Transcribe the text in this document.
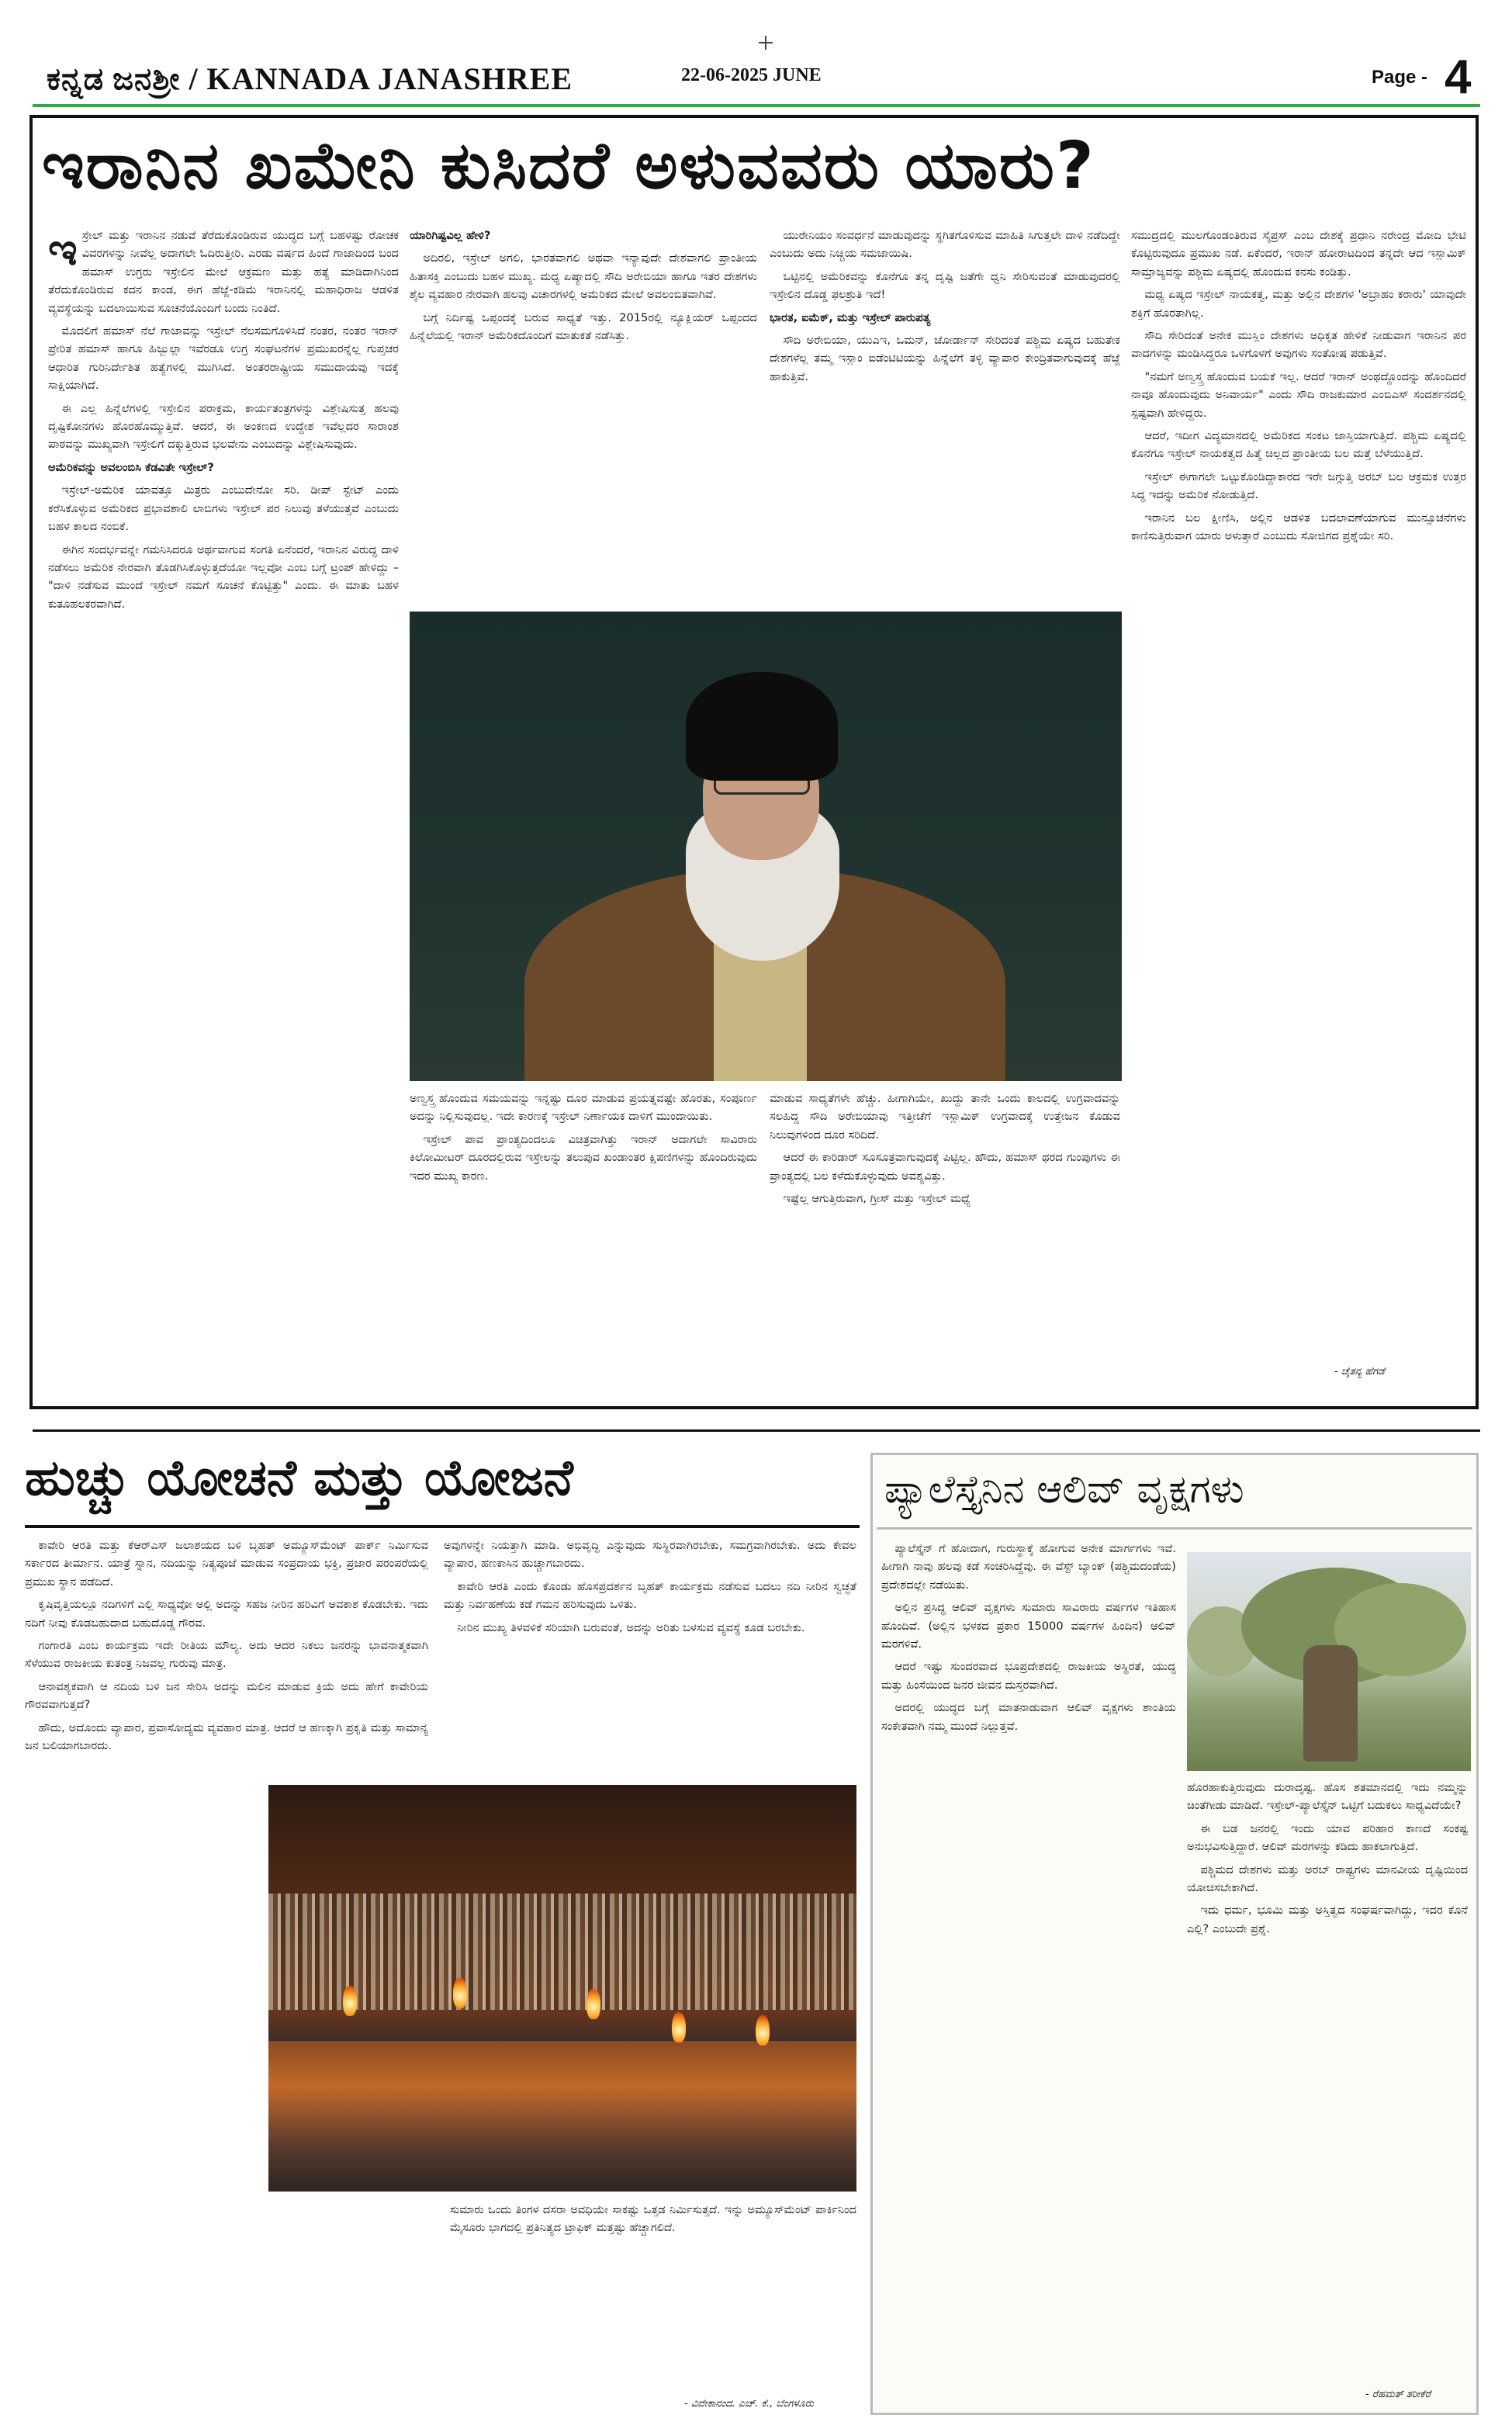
ಕನ್ನಡ ಜನಶ್ರೀ / KANNADA JANASHREE	22-06-2025 JUNE	Page - 4
ಇರಾನಿನ ಖಮೇನಿ ಕುಸಿದರೆ ಅಳುವವರು ಯಾರು?
ಇ ಸ್ರೇಲ್ ಮತ್ತು ಇರಾನಿನ ನಡುವೆ ತೆರೆದುಕೊಂಡಿರುವ ಯುದ್ಧದ ಬಗ್ಗೆ ಬಹಳಷ್ಟು ರೋಚಕ ವಿವರಗಳನ್ನು ನೀವೆಲ್ಲ ಅದಾಗಲೇ ಓದಿರುತ್ತೀರಿ. ಎರಡು ವರ್ಷದ ಹಿಂದೆ ಗಾಜಾದಿಂದ ಬಂದ ಹಮಾಸ್ ಉಗ್ರರು ಇಸ್ರೇಲಿನ ಮೇಲೆ ಆಕ್ರಮಣ ಮತ್ತು ಹತ್ಯೆ ಮಾಡಿದಾಗಿನಿಂದ ತೆರೆದುಕೊಂಡಿರುವ ಕದನ ಕಾಂಡ, ಈಗ ಹೆಜ್ಜೆ-ಕಡಿಮೆ ಇರಾನಿನಲ್ಲಿ ಮಹಾಧಿರಾಜ ಆಡಳಿತ ವ್ಯವಸ್ಥೆಯನ್ನು ಬದಲಾಯಿಸುವ ಸೂಚನೆಯೊಂದಿಗೆ ಬಂದು ನಿಂತಿದೆ.

ಮೊದಲಿಗೆ ಹಮಾಸ್ ನೆಲೆ ಗಾಜಾವನ್ನು ಇಸ್ರೇಲ್ ನೆಲಸಮಗೊಳಿಸಿದೆ ನಂತರ, ನಂತರ ಇರಾನ್ ಪ್ರೇರಿತ ಹಮಾಸ್ ಹಾಗೂ ಹಿಜ್ಬುಲ್ಲಾ ಇವೆರಡೂ ಉಗ್ರ ಸಂಘಟನೆಗಳ ಪ್ರಮುಖರನ್ನೆಲ್ಲ ಗುಪ್ತಚರ ಆಧಾರಿತ ಗುರಿನಿರ್ದೇಶಿತ ಹತ್ಯೆಗಳಲ್ಲಿ ಮುಗಿಸಿದೆ. ಅಂತರರಾಷ್ಟ್ರೀಯ ಸಮುದಾಯವು ಇದಕ್ಕೆ ಸಾಕ್ಷಿಯಾಗಿದೆ.

ಈ ಎಲ್ಲ ಹಿನ್ನೆಲೆಗಳಲ್ಲಿ ಇಸ್ರೇಲಿನ ಪರಾಕ್ರಮ, ಕಾರ್ಯತಂತ್ರಗಳನ್ನು ವಿಶ್ಲೇಷಿಸುತ್ತ ಹಲವು ದೃಷ್ಟಿಕೋನಗಳು ಹೊರಹೊಮ್ಮುತ್ತಿವೆ. ಆದರೆ, ಈ ಅಂಕಣದ ಉದ್ದೇಶ ಇವೆಲ್ಲದರ ಸಾರಾಂಶ ಪಾಠವನ್ನು ಮುಖ್ಯವಾಗಿ ಇಸ್ರೇಲಿಗೆ ದಕ್ಕುತ್ತಿರುವ ಭಲವೇನು ಎಂಬುದನ್ನು ವಿಶ್ಲೇಷಿಸುವುದು.

ಅಮೆರಿಕವನ್ನು ಅವಲಂಬಿಸಿ ಕೆಡವಿತೇ ಇಸ್ರೇಲ್?

ಇಸ್ರೇಲ್-ಅಮೆರಿಕ ಯಾವತ್ತೂ ಮಿತ್ರರು ಎಂಬುದೇನೋ ಸರಿ. ಡೀಪ್ ಸ್ಟೇಟ್ ಎಂದು ಕರೆಸಿಕೊಳ್ಳುವ ಅಮೆರಿಕದ ಪ್ರಭಾವಶಾಲಿ ಲಾಬಿಗಳು ಇಸ್ರೇಲ್ ಪರ ನಿಲುವು ತಳೆಯುತ್ತವೆ ಎಂಬುದು ಬಹಳ ಕಾಲದ ನಂಬಿಕೆ.

ಈಗಿನ ಸಂದರ್ಭವನ್ನೇ ಗಮನಿಸಿದರೂ ಅರ್ಥವಾಗುವ ಸಂಗತಿ ಏನೆಂದರೆ, ಇರಾನಿನ ವಿರುದ್ಧ ದಾಳಿ ನಡೆಸಲು ಅಮೆರಿಕ ನೇರವಾಗಿ ತೊಡಗಿಸಿಕೊಳ್ಳುತ್ತದೆಯೋ ಇಲ್ಲವೋ ಎಂಬ ಬಗ್ಗೆ ಟ್ರಂಪ್ ಹೇಳಿದ್ದು – "ದಾಳಿ ನಡೆಸುವ ಮುಂದೆ ಇಸ್ರೇಲ್ ನಮಗೆ ಸೂಚನೆ ಕೊಟ್ಟಿತ್ತು" ಎಂದು. ಈ ಮಾತು ಬಹಳ ಕುತೂಹಲಕರವಾಗಿದೆ.

ಯಾರಿಗಿಷ್ಟವಿಲ್ಲ ಹೇಳಿ?

ಅದಿರಲಿ, ಇಸ್ರೇಲ್ ಅಗಲಿ, ಭಾರತವಾಗಲಿ ಅಥವಾ ಇನ್ಯಾವುದೇ ದೇಶವಾಗಲಿ ಪ್ರಾಂತೀಯ ಹಿತಾಸಕ್ತಿ ಎಂಬುದು ಬಹಳ ಮುಖ್ಯ. ಮಧ್ಯ ಏಷ್ಯಾದಲ್ಲಿ ಸೌದಿ ಅರೇಬಿಯಾ ಹಾಗೂ ಇತರ ದೇಶಗಳು ಶೈಲ ವ್ಯವಹಾರ ನೇರವಾಗಿ ಹಲವು ವಿಚಾರಗಳಲ್ಲಿ ಅಮೆರಿಕದ ಮೇಲೆ ಅವಲಂಬಿತವಾಗಿವೆ.

ಬಗ್ಗೆ ನಿರ್ದಿಷ್ಟ ಒಪ್ಪಂದಕ್ಕೆ ಬರುವ ಸಾಧ್ಯತೆ ಇತ್ತು. 2015ರಲ್ಲಿ ನ್ಯೂಕ್ಲಿಯರ್ ಒಪ್ಪಂದದ ಹಿನ್ನೆಲೆಯಲ್ಲಿ ಇರಾನ್ ಅಮೆರಿಕದೊಂದಿಗೆ ಮಾತುಕತೆ ನಡೆಸಿತ್ತು.

ಯುರೇನಿಯಂ ಸಂವರ್ಧನೆ ಮಾಡುವುದನ್ನು ಸ್ಥಗಿತಗೊಳಿಸುವ ಮಾಹಿತಿ ಸಿಗುತ್ತಲೇ ದಾಳಿ ನಡೆದಿದ್ದೇ ಎಂಬುದು ಅದು ನಿಚ್ಚಿಯ ಸಮಜಾಯಿಷಿ.

ಒಟ್ಟಿನಲ್ಲಿ ಅಮೆರಿಕವನ್ನು ಕೊನೆಗೂ ತನ್ನ ದೃಷ್ಟಿ ಜತೆಗೇ ಧ್ವನಿ ಸೇರಿಸುವಂತೆ ಮಾಡುವುದರಲ್ಲಿ ಇಸ್ರೇಲಿನ ದೊಡ್ಡ ಫಲಶ್ರುತಿ ಇದೆ!

ಭಾರತ, ಐಮೆಕ್, ಮತ್ತು ಇಸ್ರೇಲ್ ಪಾರುಪತ್ಯ

ಸೌದಿ ಅರೇಬಿಯಾ, ಯುಎಇ, ಒಮನ್, ಜೋರ್ಡಾನ್ ಸೇರಿದಂತೆ ಪಶ್ಚಿಮ ಏಷ್ಯದ ಬಹುತೇಕ ದೇಶಗಳೆಲ್ಲ ತಮ್ಮ ಇಸ್ಲಾಂ ಐಡೆಂಟಿಟಿಯನ್ನು ಹಿನ್ನೆಲೆಗೆ ತಳ್ಳಿ ವ್ಯಾಪಾರ ಕೇಂದ್ರಿತವಾಗುವುದಕ್ಕೆ ಹೆಜ್ಜೆ ಹಾಕುತ್ತಿವೆ.

ಅಣ್ವಸ್ತ್ರ ಹೊಂದುವ ಸಮಯವನ್ನು ಇನ್ನಷ್ಟು ದೂರ ಮಾಡುವ ಪ್ರಯತ್ನವಷ್ಟೇ ಹೊರತು, ಸಂಪೂರ್ಣ ಅದನ್ನು ನಿಲ್ಲಿಸುವುದಲ್ಲ. ಇದೇ ಕಾರಣಕ್ಕೆ ಇಸ್ರೇಲ್ ನಿರ್ಣಾಯಕ ದಾಳಿಗೆ ಮುಂದಾಯಿತು.

ಇಸ್ರೇಲ್ ಪಾವ ಪ್ರಾಂತ್ಯದಿಂದಲೂ ವಿಚಿತ್ರವಾಗಿತ್ತು ಇರಾನ್ ಅದಾಗಲೇ ಸಾವಿರಾರು ಕಿಲೋಮೀಟರ್ ದೂರದಲ್ಲಿರುವ ಇಸ್ರೇಲನ್ನು ತಲುಪುವ ಖಂಡಾಂತರ ಕ್ಷಿಪಣಿಗಳನ್ನು ಹೊಂದಿರುವುದು ಇದರ ಮುಖ್ಯ ಕಾರಣ.

ಮಾಡುವ ಸಾಧ್ಯತೆಗಳೇ ಹೆಚ್ಚು. ಹೀಗಾಗಿಯೇ, ಖುದ್ದು ತಾನೇ ಒಂದು ಕಾಲದಲ್ಲಿ ಉಗ್ರವಾದವನ್ನು ಸಲಹಿದ್ದ ಸೌದಿ ಅರೇಬಿಯಾವು ಇತ್ತೀಚೆಗೆ ಇಸ್ಲಾಮಿಕ್ ಉಗ್ರವಾದಕ್ಕೆ ಉತ್ತೇಜನ ಕೊಡುವ ನಿಲುವುಗಳಿಂದ ದೂರ ಸರಿದಿದೆ.

ಆದರೆ ಈ ಕಾರಿಡಾರ್ ಸೂಸೂತ್ರವಾಗುವುದಕ್ಕೆ ಪಿಟ್ಟಿಲ್ಲ. ಹೌದು, ಹಮಾಸ್ ಥರದ ಗುಂಪುಗಳು ಈ ಪ್ರಾಂತ್ಯದಲ್ಲಿ ಬಲ ಕಳೆದುಕೊಳ್ಳುವುದು ಅವಶ್ಯವಿತ್ತು.

ಇಷ್ಟೆಲ್ಲ ಆಗುತ್ತಿರುವಾಗ, ಗ್ರೀಸ್ ಮತ್ತು ಇಸ್ರೇಲ್ ಮಧ್ಯೆ

ಸಮುದ್ರದಲ್ಲಿ ಮುಲಗೊಂಡಂತಿರುವ ಸೈಪ್ರಸ್ ಎಂಬ ದೇಶಕ್ಕೆ ಪ್ರಧಾನಿ ನರೇಂದ್ರ ಮೋದಿ ಭೇಟಿ ಕೊಟ್ಟಿರುವುದೂ ಪ್ರಮುಖ ನಡೆ. ಏಕೆಂದರೆ, ಇರಾನ್ ಹೋರಾಟದಿಂದ ತನ್ನದೇ ಆದ ಇಸ್ಲಾಮಿಕ್ ಸಾಮ್ರಾಜ್ಯವನ್ನು ಪಶ್ಚಿಮ ಏಷ್ಯದಲ್ಲಿ ಹೊಂದುವ ಕನಸು ಕಂಡಿತ್ತು.

ಮಧ್ಯ ಏಷ್ಯದ ಇಸ್ರೇಲ್ ನಾಯಕತ್ವ, ಮತ್ತು ಅಲ್ಲಿನ ದೇಶಗಳ 'ಅಬ್ರಾಹಂ ಕರಾರು' ಯಾವುದೇ ಶಕ್ತಿಗೆ ಹೊರತಾಗಿಲ್ಲ.

ಸೌದಿ ಸೇರಿದಂತೆ ಅನೇಕ ಮುಸ್ಲಿಂ ದೇಶಗಳು ಅಧಿಕೃತ ಹೇಳಿಕೆ ನೀಡುವಾಗ ಇರಾನಿನ ಪರ ವಾದಗಳನ್ನು ಮಂಡಿಸಿದ್ದರೂ ಒಳಗೊಳಗೆ ಅವುಗಳು ಸಂತೋಷ ಪಡುತ್ತಿವೆ.

"ನಮಗೆ ಅಣ್ವಸ್ತ್ರ ಹೊಂದುವ ಬಯಕೆ ಇಲ್ಲ. ಆದರೆ ಇರಾನ್ ಅಂಥದ್ದೊಂದನ್ನು ಹೊಂದಿದರೆ ನಾವೂ ಹೊಂದುವುದು ಅನಿವಾರ್ಯ" ಎಂದು ಸೌದಿ ರಾಜಕುಮಾರ ಎಂಬಿಎಸ್ ಸಂದರ್ಶನದಲ್ಲಿ ಸ್ಪಷ್ಟವಾಗಿ ಹೇಳಿದ್ದರು.

ಆದರೆ, ಇದೀಗ ವಿದ್ಯಮಾನದಲ್ಲಿ ಅಮೆರಿಕದ ಸಂಕಟ ಜಾಸ್ತಿಯಾಗುತ್ತಿದೆ. ಪಶ್ಚಿಮ ಏಷ್ಯದಲ್ಲಿ ಕೊನೆಗೂ ಇಸ್ರೇಲ್ ನಾಯಕತ್ವದ ಹಿತ್ಮೆ ಚಿಲ್ಲದ ಪ್ರಾಂತೀಯ ಬಲ ಮತ್ತೆ ಬೆಳೆಯುತ್ತಿದೆ.

ಇಸ್ರೇಲ್ ಈಗಾಗಲೇ ಒಟ್ಟುಕೊಂಡಿದ್ದಾಕಾರದ ಇರೇ ಜಗ್ಗುತ್ತಿ ಅರಬ್ ಬಲ ಆಕ್ರಮಕ ಉತ್ತರ ಸಿದ್ಧ ಇದನ್ನು ಅಮೆರಿಕ ನೋಡುತ್ತಿದೆ.

ಇರಾನಿನ ಬಲ ಕ್ಷೀಣಿಸಿ, ಅಲ್ಲಿನ ಆಡಳಿತ ಬದಲಾವಣೆಯಾಗುವ ಮುನ್ಸೂಚನೆಗಳು ಕಾಣಿಸುತ್ತಿರುವಾಗ ಯಾರು ಅಳುತ್ತಾರೆ ಎಂಬುದು ಸೋಜಿಗದ ಪ್ರಶ್ನೆಯೇ ಸರಿ.

- ಚೈತನ್ಯ ಹೆಗಡೆ
ಹುಚ್ಚು ಯೋಚನೆ ಮತ್ತು ಯೋಜನೆ

ಕಾವೇರಿ ಆರತಿ ಮತ್ತು ಕೆಆರ್‌ಎಸ್ ಜಲಾಶಯದ ಬಳಿ ಬೃಹತ್ ಅಮ್ಯೂಸ್‌ಮೆಂಟ್ ಪಾರ್ಕ್ ನಿರ್ಮಿಸುವ ಸರ್ಕಾರದ ತೀರ್ಮಾನ. ಯಾತ್ರೆ ಸ್ನಾನ, ನದಿಯನ್ನು ನಿತ್ಯಪೂಜೆ ಮಾಡುವ ಸಂಪ್ರದಾಯ ಭಕ್ತಿ, ಪ್ರಜಾರ ಪರಂಪರೆಯಲ್ಲಿ ಪ್ರಮುಖ ಸ್ಥಾನ ಪಡೆದಿದೆ.

ಕೃಷಿವೃತ್ತಿಯಲ್ಲೂ ನದಿಗಳಿಗೆ ಎಲ್ಲಿ ಸಾಧ್ಯವೋ ಅಲ್ಲಿ ಅದನ್ನು ಸಹಜ ನೀರಿನ ಹರಿವಿಗೆ ಅವಕಾಶ ಕೊಡಬೇಕು. ಇದು ನದಿಗೆ ನೀವು ಕೊಡಬಹುದಾದ ಬಹುದೊಡ್ಡ ಗೌರವ.

ಗಂಗಾರತಿ ಎಂಬ ಕಾರ್ಯಕ್ರಮ ಇದೇ ರೀತಿಯ ಮೌಲ್ಯ. ಅದು ಆದರ ನಿಕಲು ಜನರನ್ನು ಭಾವನಾತ್ಮಕವಾಗಿ ಸೆಳೆಯುವ ರಾಜಕೀಯ ಕುತಂತ್ರ ನಿಜವಲ್ಲ ಗುರುವು ಮಾತ್ರ.

ಆನಾವಶ್ಯಕವಾಗಿ ಆ ನದಿಯ ಬಳಿ ಜನ ಸೇರಿಸಿ ಅದನ್ನು ಮಲಿನ ಮಾಡುವ ಕ್ರಿಯೆ ಅದು ಹೇಗೆ ಕಾವೇರಿಯ ಗೌರವವಾಗುತ್ತದೆ?

ಹೌದು, ಅದೊಂದು ವ್ಯಾಪಾರ, ಪ್ರವಾಸೋದ್ಯಮ ವ್ಯವಹಾರ ಮಾತ್ರ. ಆದರೆ ಆ ಹಣಕ್ಕಾಗಿ ಪ್ರಕೃತಿ ಮತ್ತು ಸಾಮಾನ್ಯ ಜನ ಬಲಿಯಾಗಬಾರದು.

ಅವುಗಳನ್ನೇ ನಿಯತ್ತಾಗಿ ಮಾಡಿ. ಅಭಿವೃದ್ಧಿ ಎನ್ನುವುದು ಸುಸ್ಥಿರವಾಗಿರಬೇಕು, ಸಮಗ್ರವಾಗಿರಬೇಕು. ಅದು ಕೇವಲ ವ್ಯಾಪಾರ, ಹಣಕಾಸಿನ ಹುಚ್ಚಾಗಬಾರದು.

ಕಾವೇರಿ ಆರತಿ ಎಂದು ಕೊಂಡು ಹೊಸಪ್ರದರ್ಶನ ಬೃಹತ್ ಕಾರ್ಯಕ್ರಮ ನಡೆಸುವ ಬದಲು ನದಿ ನೀರಿನ ಸ್ವಚ್ಛತೆ ಮತ್ತು ನಿರ್ವಹಣೆಯ ಕಡೆ ಗಮನ ಹರಿಸುವುದು ಒಳಿತು.

ನೀರಿನ ಮುಖ್ಯ ತಿಳವಳಿಕೆ ಸರಿಯಾಗಿ ಬರುವಂತೆ, ಅದನ್ನು ಅರಿತು ಬಳಸುವ ವ್ಯವಸ್ಥೆ ಕೂಡ ಬರಬೇಕು.

ಸುಮಾರು ಒಂದು ತಿಂಗಳ ದಸರಾ ಅವಧಿಯೇ ಸಾಕಷ್ಟು ಒತ್ತಡ ನಿರ್ಮಿಸುತ್ತದೆ. ಇನ್ನು ಅಮ್ಯೂಸ್‌ಮೆಂಟ್ ಪಾರ್ಕಿನಿಂದ ಮೈಸೂರು ಭಾಗದಲ್ಲಿ ಪ್ರತಿನಿತ್ಯದ ಟ್ರಾಫಿಕ್ ಮತ್ತಷ್ಟು ಹೆಚ್ಚಾಗಲಿದೆ.

- ವಿವೇಕಾನಂದ. ಎಚ್. ಕೆ., ಬೆಂಗಳೂರು
ಪ್ಯಾಲೆಸ್ತೈನಿನ ಆಲಿವ್ ವೃಕ್ಷಗಳು

ಪ್ಯಾಲೆಸ್ತೈನ್ ಗೆ ಹೋದಾಗ, ಗುರುಸ್ಥಾಕ್ಕೆ ಹೋಗುವ ಅನೇಕ ಮಾರ್ಗಗಳು ಇವೆ. ಹೀಗಾಗಿ ನಾವು ಹಲವು ಕಡೆ ಸಂಚರಿಸಿದ್ದೆವು. ಈ ವೆಸ್ಟ್ ಬ್ಯಾಂಕ್ (ಪಶ್ಚಿಮದಂಡೆಯ) ಪ್ರದೇಶದಲ್ಲೇ ನಡೆಯಿತು.

ಅಲ್ಲಿನ ಪ್ರಸಿದ್ಧ ಆಲಿವ್ ವೃಕ್ಷಗಳು ಸುಮಾರು ಸಾವಿರಾರು ವರ್ಷಗಳ ಇತಿಹಾಸ ಹೊಂದಿವೆ. (ಅಲ್ಲಿನ ಭಳಕದ ಪ್ರಕಾರ 15000 ವರ್ಷಗಳ ಹಿಂದಿನ) ಆಲಿವ್ ಮರಗಳಿವೆ.

ಆದರೆ ಇಷ್ಟು ಸುಂದರವಾದ ಭೂಪ್ರದೇಶದಲ್ಲಿ ರಾಜಕೀಯ ಅಸ್ಥಿರತೆ, ಯುದ್ಧ ಮತ್ತು ಹಿಂಸೆಯಿಂದ ಜನರ ಜೀವನ ದುಸ್ತರವಾಗಿದೆ.

ಅದರಲ್ಲಿ ಯುದ್ಧದ ಬಗ್ಗೆ ಮಾತನಾಡುವಾಗ ಆಲಿವ್ ವೃಕ್ಷಗಳು ಶಾಂತಿಯ ಸಂಕೇತವಾಗಿ ನಮ್ಮ ಮುಂದೆ ನಿಲ್ಲುತ್ತವೆ.

ಹೊರಹಾಕುತ್ತಿರುವುದು ದುರಾದೃಷ್ಟ. ಹೊಸ ಶತಮಾನದಲ್ಲಿ ಇದು ನಮ್ಮನ್ನು ಚಿಂತೆಗೀಡು ಮಾಡಿದೆ. ಇಸ್ರೇಲ್-ಪ್ಯಾಲೆಸ್ತೈನ್ ಒಟ್ಟಿಗೆ ಬದುಕಲು ಸಾಧ್ಯವಿದೆಯೇ?

ಈ ಬಡ ಜನರಲ್ಲಿ ಇಂದು ಯಾವ ಪರಿಹಾರ ಕಾಣದೆ ಸಂಕಷ್ಟ ಅನುಭವಿಸುತ್ತಿದ್ದಾರೆ. ಆಲಿವ್ ಮರಗಳನ್ನು ಕಡಿದು ಹಾಕಲಾಗುತ್ತಿದೆ.

ಪಶ್ಚಿಮದ ದೇಶಗಳು ಮತ್ತು ಅರಬ್ ರಾಷ್ಟ್ರಗಳು ಮಾನವೀಯ ದೃಷ್ಟಿಯಿಂದ ಯೋಚಿಸಬೇಕಾಗಿದೆ.

ಇದು ಧರ್ಮ, ಭೂಮಿ ಮತ್ತು ಅಸ್ತಿತ್ವದ ಸಂಘರ್ಷವಾಗಿದ್ದು, ಇದರ ಕೊನೆ ಎಲ್ಲಿ? ಎಂಬುದೇ ಪ್ರಶ್ನೆ.

- ರೆಹಮತ್ ತರೀಕೆರೆ
